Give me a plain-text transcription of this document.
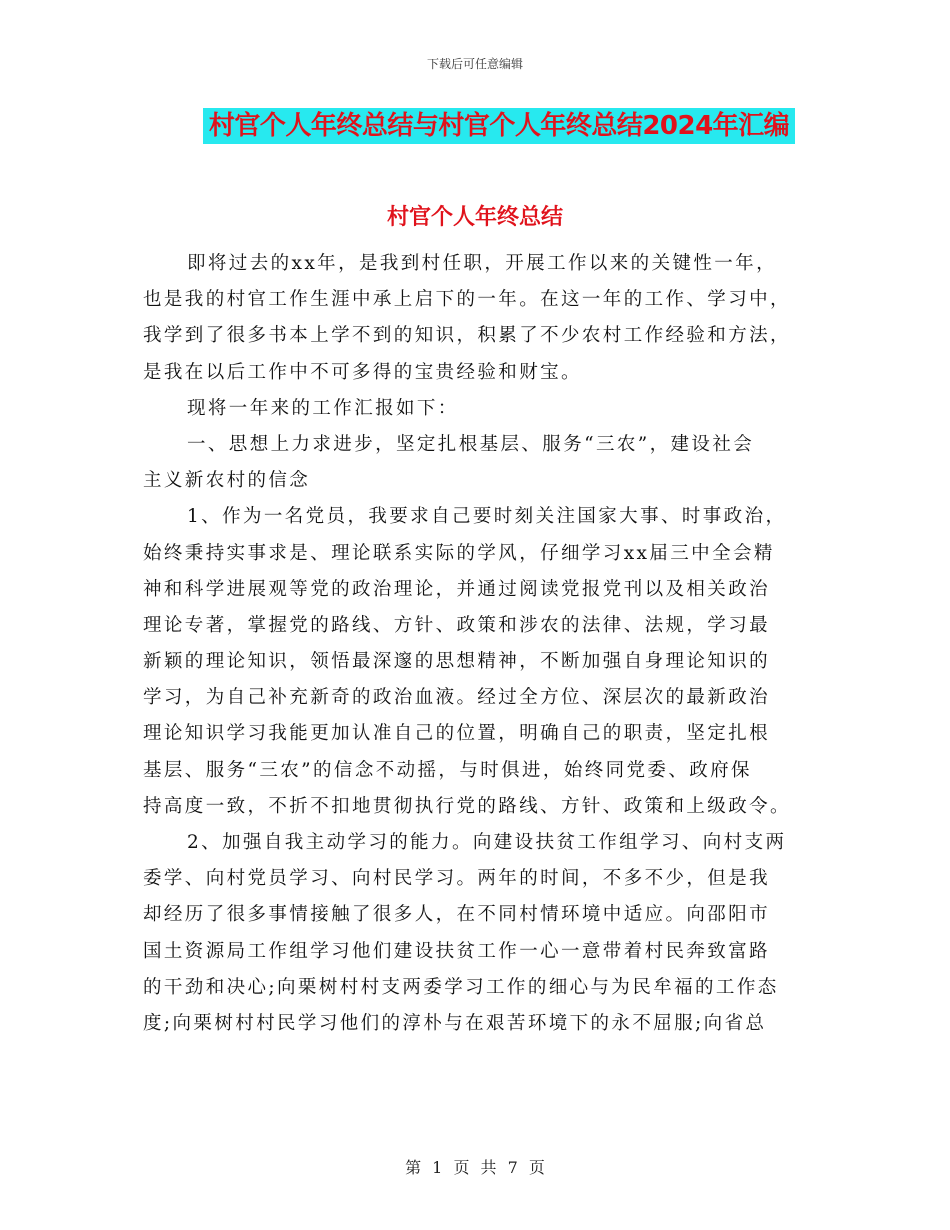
下载后可任意编辑
村官个人年终总结与村官个人年终总结2024年汇编
村官个人年终总结
即将过去的xx年，是我到村任职，开展工作以来的关键性一年，
也是我的村官工作生涯中承上启下的一年。在这一年的工作、学习中，
我学到了很多书本上学不到的知识，积累了不少农村工作经验和方法，
是我在以后工作中不可多得的宝贵经验和财宝。
现将一年来的工作汇报如下：
一、思想上力求进步，坚定扎根基层、服务“三农”，建设社会
主义新农村的信念
1、作为一名党员，我要求自己要时刻关注国家大事、时事政治，
始终秉持实事求是、理论联系实际的学风，仔细学习xx届三中全会精
神和科学进展观等党的政治理论，并通过阅读党报党刊以及相关政治
理论专著，掌握党的路线、方针、政策和涉农的法律、法规，学习最
新颖的理论知识，领悟最深邃的思想精神，不断加强自身理论知识的
学习，为自己补充新奇的政治血液。经过全方位、深层次的最新政治
理论知识学习我能更加认准自己的位置，明确自己的职责，坚定扎根
基层、服务“三农”的信念不动摇，与时俱进，始终同党委、政府保
持高度一致，不折不扣地贯彻执行党的路线、方针、政策和上级政令。
2、加强自我主动学习的能力。向建设扶贫工作组学习、向村支两
委学、向村党员学习、向村民学习。两年的时间，不多不少，但是我
却经历了很多事情接触了很多人，在不同村情环境中适应。向邵阳市
国土资源局工作组学习他们建设扶贫工作一心一意带着村民奔致富路
的干劲和决心;向栗树村村支两委学习工作的细心与为民牟福的工作态
度;向栗树村村民学习他们的淳朴与在艰苦环境下的永不屈服;向省总
第 1 页 共 7 页
